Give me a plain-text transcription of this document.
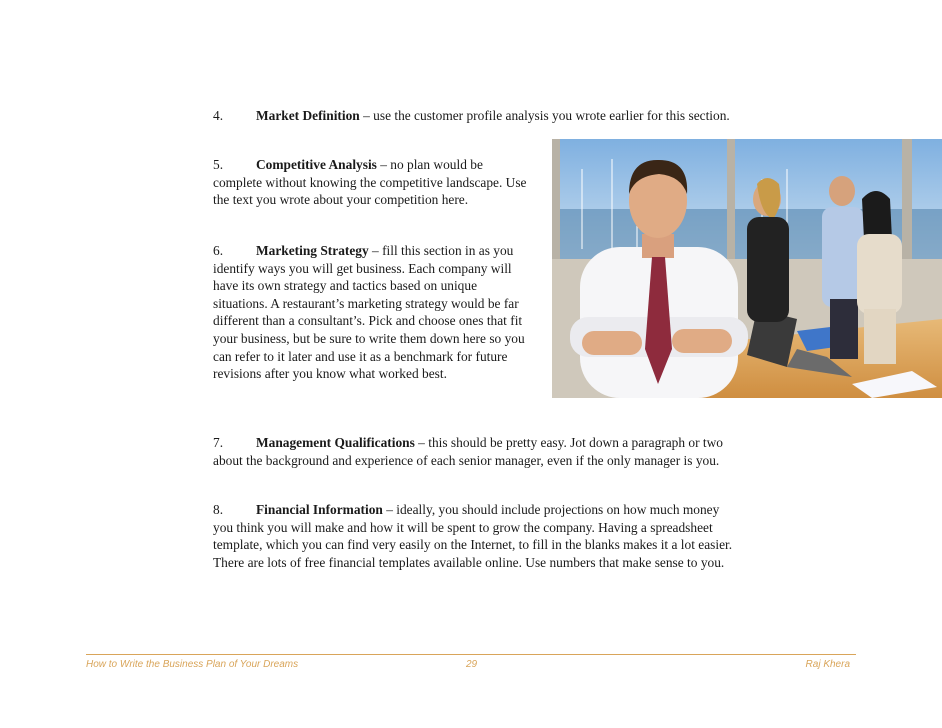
4. Market Definition – use the customer profile analysis you wrote earlier for this section.
5. Competitive Analysis – no plan would be complete without knowing the competitive landscape. Use the text you wrote about your competition here.
6. Marketing Strategy – fill this section in as you identify ways you will get business. Each company will have its own strategy and tactics based on unique situations. A restaurant’s marketing strategy would be far different than a consultant’s. Pick and choose ones that fit your business, but be sure to write them down here so you can refer to it later and use it as a benchmark for future revisions after you know what worked best.
7. Management Qualifications – this should be pretty easy. Jot down a paragraph or two about the background and experience of each senior manager, even if the only manager is you.
8. Financial Information – ideally, you should include projections on how much money you think you will make and how it will be spent to grow the company. Having a spreadsheet template, which you can find very easily on the Internet, to fill in the blanks makes it a lot easier. There are lots of free financial templates available online. Use numbers that make sense to you.
How to Write the Business Plan of Your Dreams	29	Raj Khera
